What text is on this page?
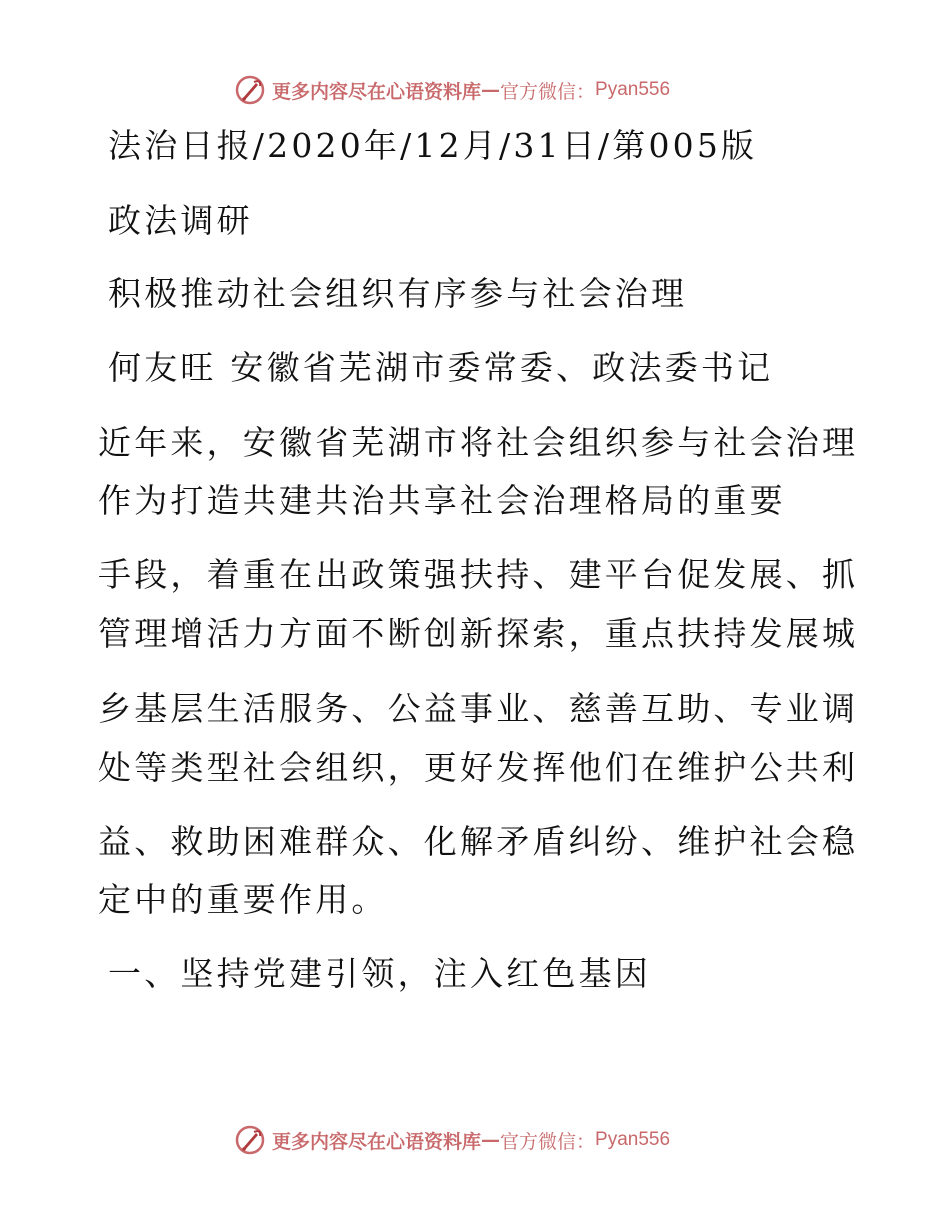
更多内容尽在心语资料库 — 官方微信： Pyan556
法治日报/2020年/12月/31日/第005版
政法调研
积极推动社会组织有序参与社会治理
何友旺 安徽省芜湖市委常委、政法委书记
近年来，安徽省芜湖市将社会组织参与社会治理
作为打造共建共治共享社会治理格局的重要
手段，着重在出政策强扶持、建平台促发展、抓
管理增活力方面不断创新探索，重点扶持发展城
乡基层生活服务、公益事业、慈善互助、专业调
处等类型社会组织，更好发挥他们在维护公共利
益、救助困难群众、化解矛盾纠纷、维护社会稳
定中的重要作用。
一、坚持党建引领，注入红色基因
更多内容尽在心语资料库 — 官方微信： Pyan556
